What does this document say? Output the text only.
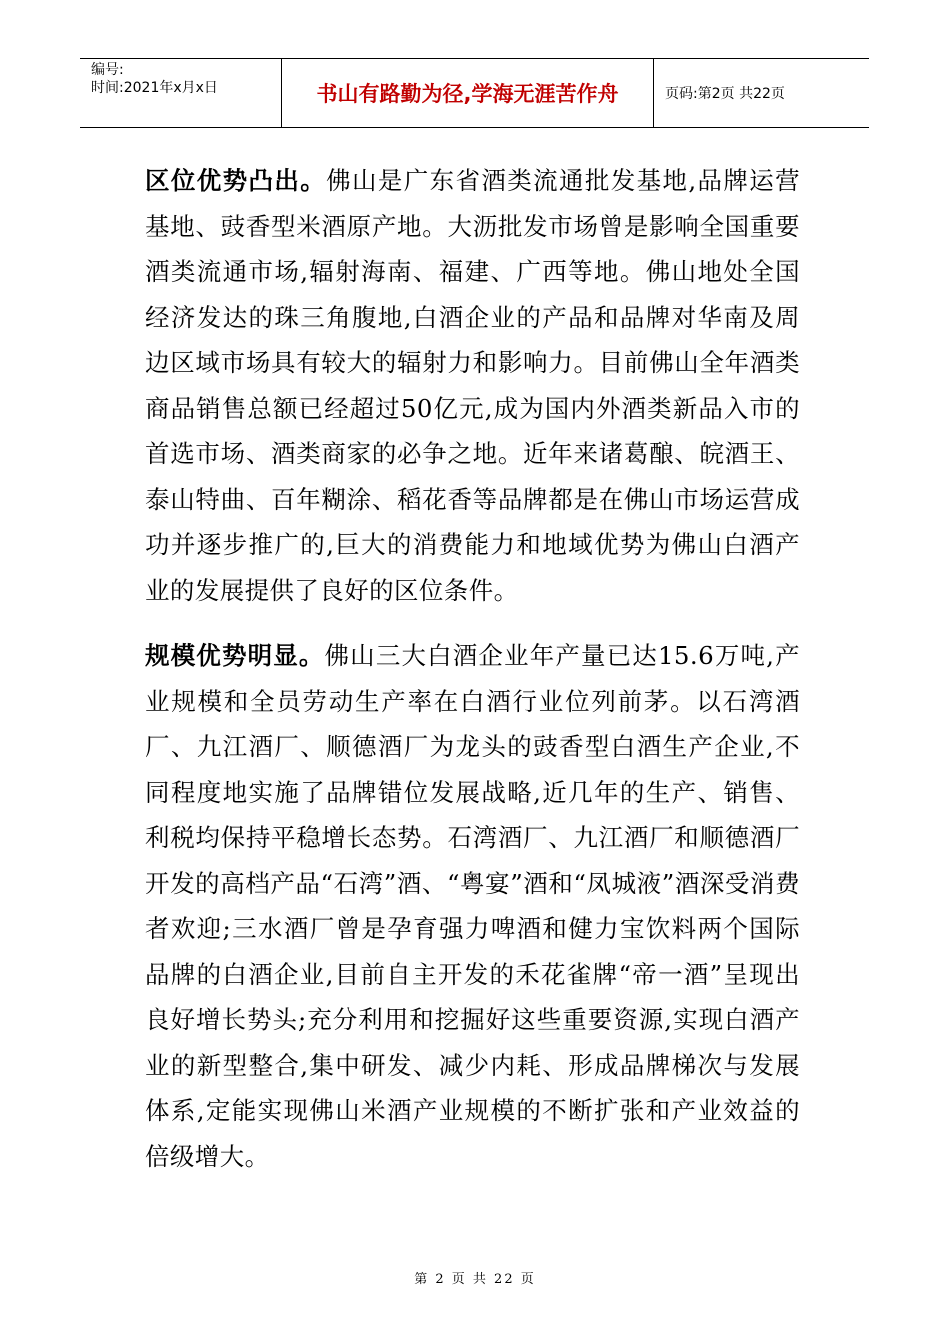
编号:
时间:2021年x月x日	书山有路勤为径,学海无涯苦作舟	页码:第2页 共22页

区位优势凸出。佛山是广东省酒类流通批发基地,品牌运营基地、豉香型米酒原产地。大沥批发市场曾是影响全国重要酒类流通市场,辐射海南、福建、广西等地。佛山地处全国经济发达的珠三角腹地,白酒企业的产品和品牌对华南及周边区域市场具有较大的辐射力和影响力。目前佛山全年酒类商品销售总额已经超过50亿元,成为国内外酒类新品入市的首选市场、酒类商家的必争之地。近年来诸葛酿、皖酒王、泰山特曲、百年糊涂、稻花香等品牌都是在佛山市场运营成功并逐步推广的,巨大的消费能力和地域优势为佛山白酒产业的发展提供了良好的区位条件。

规模优势明显。佛山三大白酒企业年产量已达15.6万吨,产业规模和全员劳动生产率在白酒行业位列前茅。以石湾酒厂、九江酒厂、顺德酒厂为龙头的豉香型白酒生产企业,不同程度地实施了品牌错位发展战略,近几年的生产、销售、利税均保持平稳增长态势。石湾酒厂、九江酒厂和顺德酒厂开发的高档产品“石湾”酒、“粤宴”酒和“凤城液”酒深受消费者欢迎;三水酒厂曾是孕育强力啤酒和健力宝饮料两个国际品牌的白酒企业,目前自主开发的禾花雀牌“帝一酒”呈现出良好增长势头;充分利用和挖掘好这些重要资源,实现白酒产业的新型整合,集中研发、减少内耗、形成品牌梯次与发展体系,定能实现佛山米酒产业规模的不断扩张和产业效益的倍级增大。

第 2 页 共 22 页
